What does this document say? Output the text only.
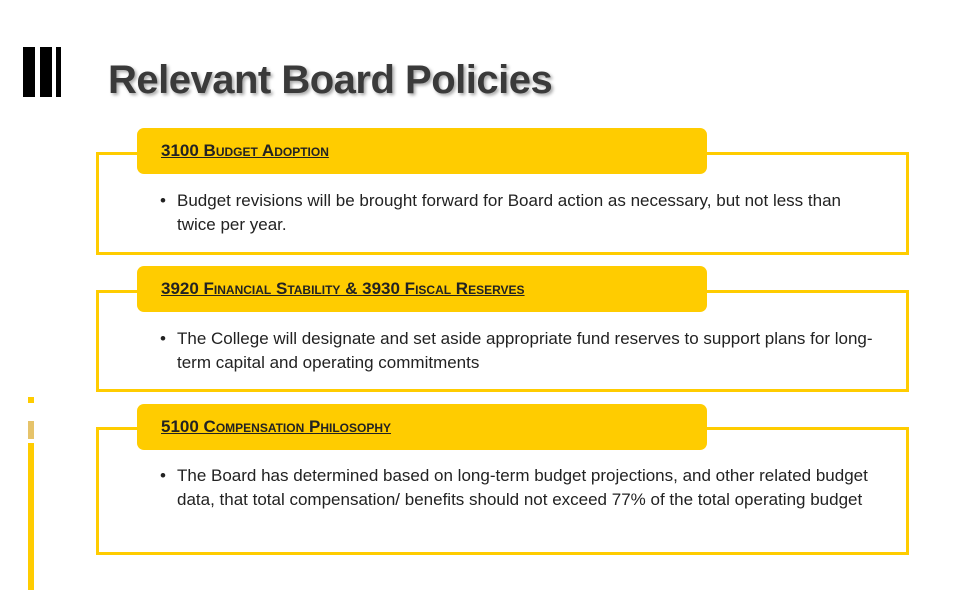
Relevant Board Policies
3100 Budget Adoption
• Budget revisions will be brought forward for Board action as necessary, but not less than twice per year.
3920 Financial Stability & 3930 Fiscal Reserves
• The College will designate and set aside appropriate fund reserves to support plans for long-term capital and operating commitments
5100 Compensation Philosophy
• The Board has determined based on long-term budget projections, and other related budget data, that total compensation/ benefits should not exceed 77% of the total operating budget
